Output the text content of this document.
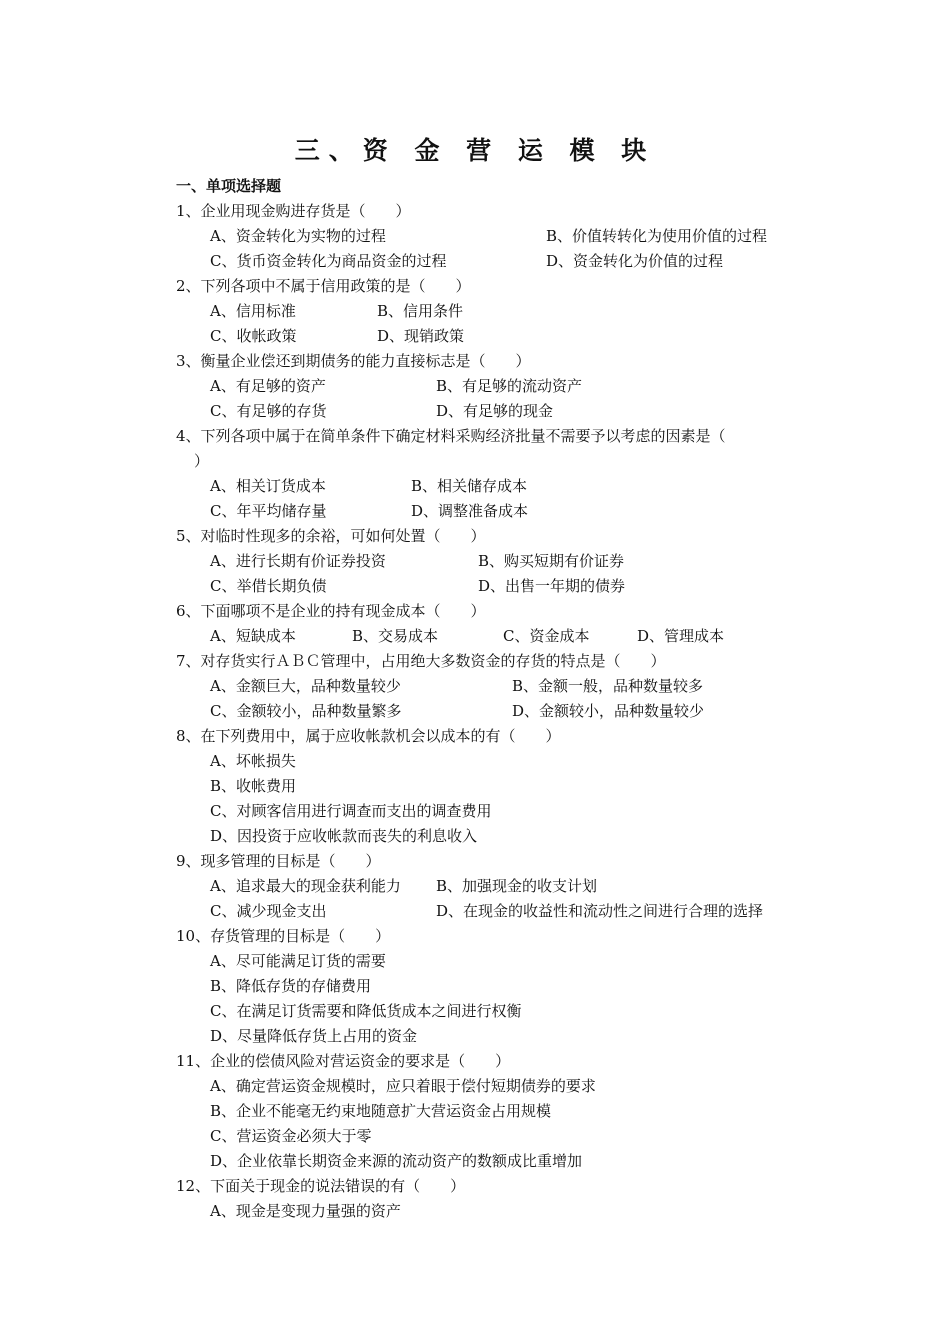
三、资 金 营 运 模 块
一、单项选择题
1、企业用现金购进存货是（　　）
A、资金转化为实物的过程	B、价值转转化为使用价值的过程
C、货币资金转化为商品资金的过程	D、资金转化为价值的过程
2、下列各项中不属于信用政策的是（　　）
A、信用标准	B、信用条件
C、收帐政策	D、现销政策
3、衡量企业偿还到期债务的能力直接标志是（　　）
A、有足够的资产	B、有足够的流动资产
C、有足够的存货	D、有足够的现金
4、下列各项中属于在简单条件下确定材料采购经济批量不需要予以考虑的因素是（
）
A、相关订货成本	B、相关储存成本
C、年平均储存量	D、调整准备成本
5、对临时性现多的余裕，可如何处置（　　）
A、进行长期有价证券投资	B、购买短期有价证券
C、举借长期负债	D、出售一年期的债券
6、下面哪项不是企业的持有现金成本（　　）
A、短缺成本	B、交易成本	C、资金成本	D、管理成本
7、对存货实行ＡＢＣ管理中，占用绝大多数资金的存货的特点是（　　）
A、金额巨大，品种数量较少	B、金额一般，品种数量较多
C、金额较小，品种数量繁多	D、金额较小，品种数量较少
8、在下列费用中，属于应收帐款机会以成本的有（　　）
A、坏帐损失
B、收帐费用
C、对顾客信用进行调查而支出的调查费用
D、因投资于应收帐款而丧失的利息收入
9、现多管理的目标是（　　）
A、追求最大的现金获利能力 B、加强现金的收支计划
C、减少现金支出	D、在现金的收益性和流动性之间进行合理的选择
10、存货管理的目标是（　　）
A、尽可能满足订货的需要
B、降低存货的存储费用
C、在满足订货需要和降低货成本之间进行权衡
D、尽量降低存货上占用的资金
11、企业的偿债风险对营运资金的要求是（　　）
A、确定营运资金规模时，应只着眼于偿付短期债券的要求
B、企业不能毫无约束地随意扩大营运资金占用规模
C、营运资金必须大于零
D、企业依靠长期资金来源的流动资产的数额成比重增加
12、下面关于现金的说法错误的有（　　）
A、现金是变现力量强的资产
